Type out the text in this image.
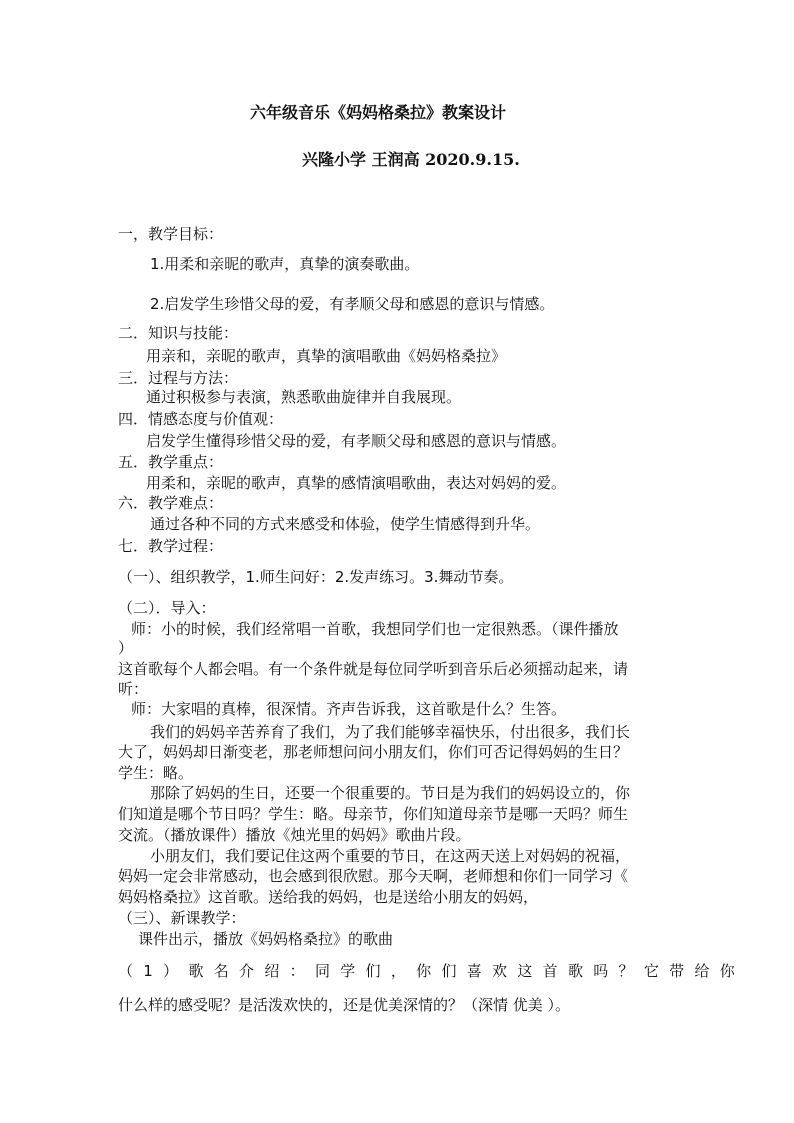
六年级音乐《妈妈格桑拉》教案设计
兴隆小学 王润高 2020.9.15.
一，教学目标：
1.用柔和亲昵的歌声，真挚的演奏歌曲。
2.启发学生珍惜父母的爱，有孝顺父母和感恩的意识与情感。
二．知识与技能：
用亲和，亲昵的歌声，真挚的演唱歌曲《妈妈格桑拉》
三．过程与方法：
通过积极参与表演，熟悉歌曲旋律并自我展现。
四．情感态度与价值观：
启发学生懂得珍惜父母的爱，有孝顺父母和感恩的意识与情感。
五．教学重点：
用柔和，亲昵的歌声，真挚的感情演唱歌曲，表达对妈妈的爱。
六．教学难点：
通过各种不同的方式来感受和体验，使学生情感得到升华。
七．教学过程：
（一）、组织教学，1.师生问好：2.发声练习。3.舞动节奏。
（二）．导入：
师：小的时候，我们经常唱一首歌，我想同学们也一定很熟悉。（课件播放
）
这首歌每个人都会唱。有一个条件就是每位同学听到音乐后必须摇动起来，请
听：
师：大家唱的真棒，很深情。齐声告诉我，这首歌是什么？生答。
我们的妈妈辛苦养育了我们，为了我们能够幸福快乐，付出很多，我们长
大了，妈妈却日渐变老，那老师想问问小朋友们，你们可否记得妈妈的生日？
学生：略。
那除了妈妈的生日，还要一个很重要的。节日是为我们的妈妈设立的，你
们知道是哪个节日吗？学生：略。母亲节，你们知道母亲节是哪一天吗？师生
交流。（播放课件）播放《烛光里的妈妈》歌曲片段。
小朋友们，我们要记住这两个重要的节日，在这两天送上对妈妈的祝福，
妈妈一定会非常感动，也会感到很欣慰。那今天啊，老师想和你们一同学习《
妈妈格桑拉》这首歌。送给我的妈妈，也是送给小朋友的妈妈，
（三）、新课教学：
课件出示，播放《妈妈格桑拉》的歌曲
（1）歌名介绍：同学们，你们喜欢这首歌吗？它带给你
什么样的感受呢？是活泼欢快的，还是优美深情的？（深情 优美 ）。
